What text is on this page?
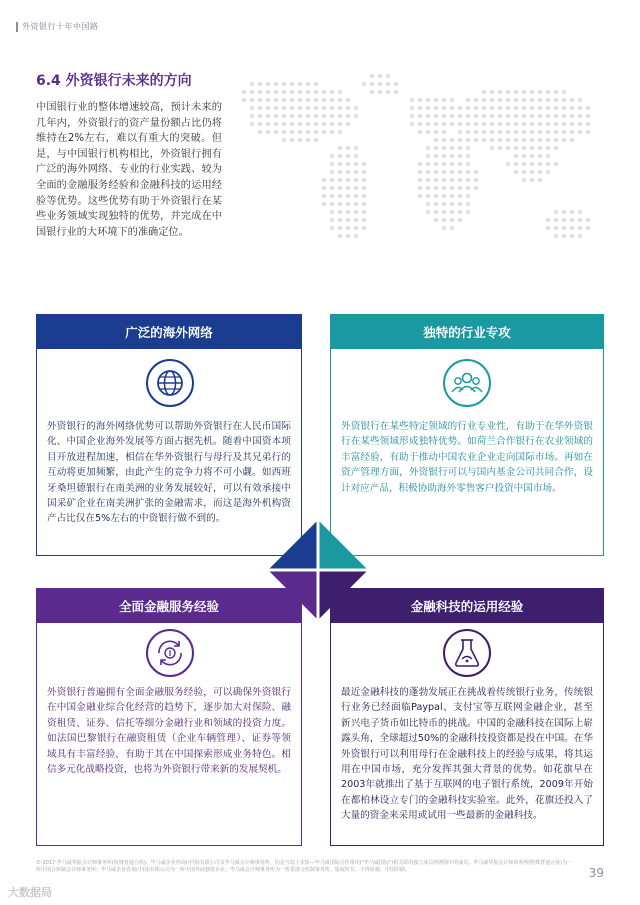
外资银行十年中国路
6.4 外资银行未来的方向
中国银行业的整体增速较高，预计未来的几年内，外资银行的资产量份额占比仍将维持在2%左右，难以有重大的突破。但是，与中国银行机构相比，外资银行拥有广泛的海外网络、专业的行业实践、较为全面的金融服务经验和金融科技的运用经验等优势。这些优势有助于外资银行在某些业务领域实现独特的优势，并完成在中国银行业的大环境下的准确定位。
广泛的海外网络
外资银行的海外网络优势可以帮助外资银行在人民币国际化、中国企业海外发展等方面占据先机。随着中国资本项目开放进程加速，相信在华外资银行与母行及其兄弟行的互动将更加频繁，由此产生的竞争力将不可小觑。如西班牙桑坦德银行在南美洲的业务发展较好，可以有效承接中国采矿企业在南美洲扩张的金融需求，而这是海外机构资产占比仅在5%左右的中资银行做不到的。
独特的行业专攻
外资银行在某些特定领域的行业专业性，有助于在华外资银行在某些领域形成独特优势。如荷兰合作银行在农业领域的丰富经验，有助于推动中国农业企业走向国际市场。再如在资产管理方面，外资银行可以与国内基金公司共同合作，设计对应产品，积极协助海外零售客户投资中国市场。
全面金融服务经验
外资银行普遍拥有全面金融服务经验，可以确保外资银行在中国金融业综合化经营的趋势下，逐步加大对保险、融资租赁、证券、信托等细分金融行业和领域的投资力度。如法国巴黎银行在融资租赁（企业车辆管理）、证券等领域具有丰富经验，有助于其在中国探索形成业务特色。相信多元化战略投资，也将为外资银行带来新的发展契机。
金融科技的运用经验
最近金融科技的蓬勃发展正在挑战着传统银行业务，传统银行业务已经面临Paypal、支付宝等互联网金融企业，甚至新兴电子货币如比特币的挑战。中国的金融科技在国际上崭露头角，全球超过50%的金融科技投资都是投在中国。在华外资银行可以利用母行在金融科技上的经验与成果，将其运用在中国市场，充分发挥其强大背景的优势。如花旗早在2003年就推出了基于互联网的电子银行系统，2009年开始在都柏林设立专门的金融科技实验室。此外，花旗还投入了大量的资金来采用或试用一些最新的金融科技。
© 2017 毕马威华振会计师事务所(特殊普通合伙)、毕马威企业咨询(中国)有限公司及毕马威会计师事务所，均是与瑞士实体—毕马威国际合作组织("毕马威国际")相关联的独立成员所网络中的成员。毕马威华振会计师事务所(特殊普通合伙)为一所中国合伙制会计师事务所；毕马威企业咨询(中国)有限公司为一所中国外商独资企业；毕马威会计师事务所为一所香港合伙制事务所。版权所有，不得转载。中国印刷。	39
大数据局
